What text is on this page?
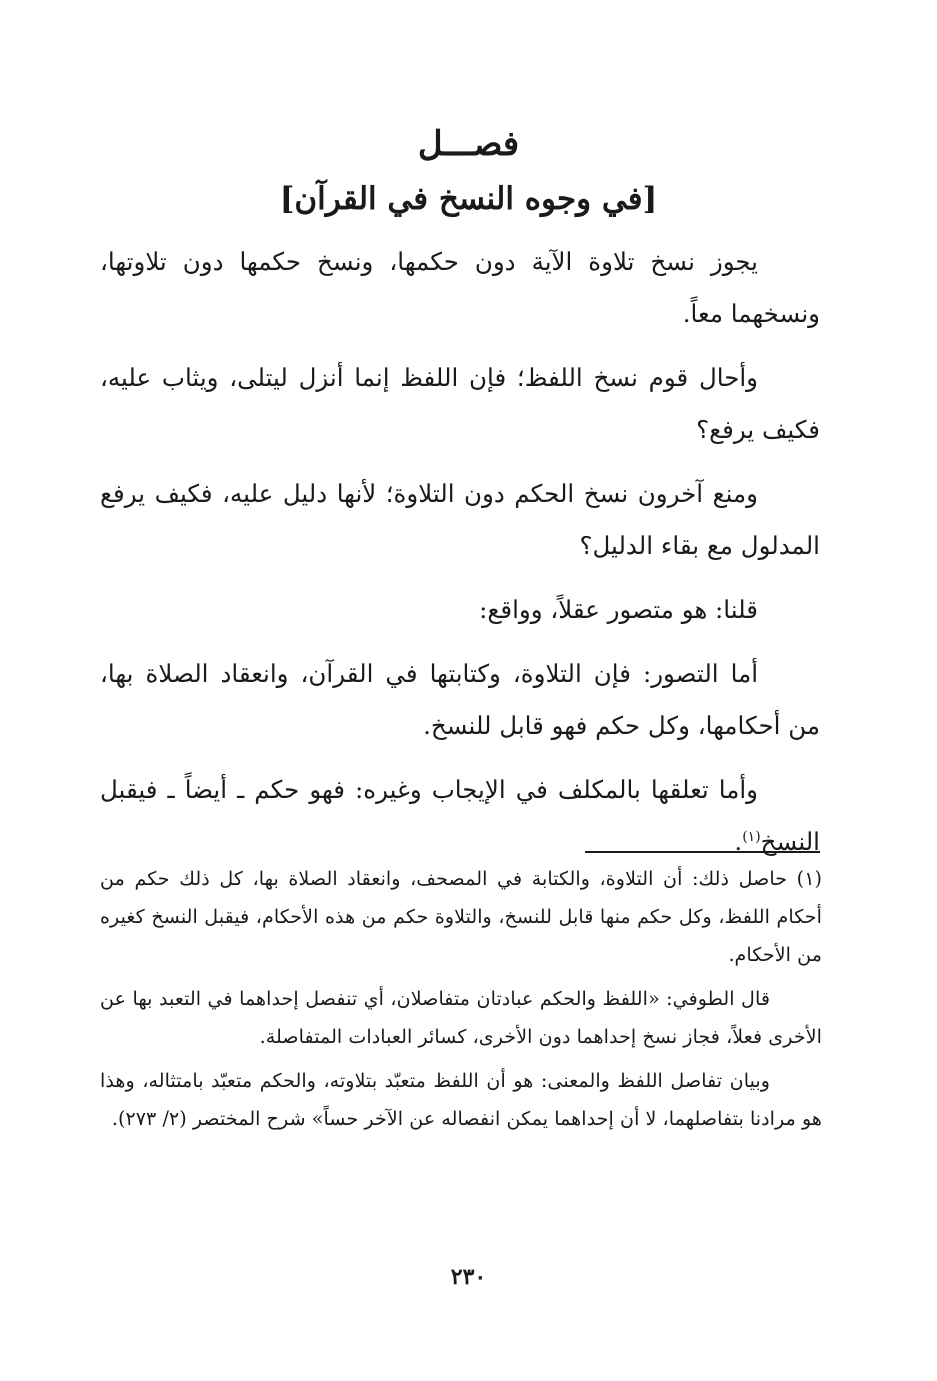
فصـــل
[في وجوه النسخ في القرآن]

يجوز نسخ تلاوة الآية دون حكمها، ونسخ حكمها دون تلاوتها، ونسخهما معاً.

وأحال قوم نسخ اللفظ؛ فإن اللفظ إنما أنزل ليتلى، ويثاب عليه، فكيف يرفع؟

ومنع آخرون نسخ الحكم دون التلاوة؛ لأنها دليل عليه، فكيف يرفع المدلول مع بقاء الدليل؟

قلنا: هو متصور عقلاً، وواقع:

أما التصور: فإن التلاوة، وكتابتها في القرآن، وانعقاد الصلاة بها، من أحكامها، وكل حكم فهو قابل للنسخ.

وأما تعلقها بالمكلف في الإيجاب وغيره: فهو حكم ـ أيضاً ـ فيقبل النسخ$^{(١)}$.

(١) حاصل ذلك: أن التلاوة، والكتابة في المصحف، وانعقاد الصلاة بها، كل ذلك حكم من أحكام اللفظ، وكل حكم منها قابل للنسخ، والتلاوة حكم من هذه الأحكام، فيقبل النسخ كغيره من الأحكام.

قال الطوفي: «اللفظ والحكم عبادتان متفاصلان، أي تنفصل إحداهما في التعبد بها عن الأخرى فعلاً، فجاز نسخ إحداهما دون الأخرى، كسائر العبادات المتفاصلة.

وبيان تفاصل اللفظ والمعنى: هو أن اللفظ متعبّد بتلاوته، والحكم متعبّد بامتثاله، وهذا هو مرادنا بتفاصلهما، لا أن إحداهما يمكن انفصاله عن الآخر حساً» شرح المختصر (٢/ ٢٧٣).

٢٣٠
